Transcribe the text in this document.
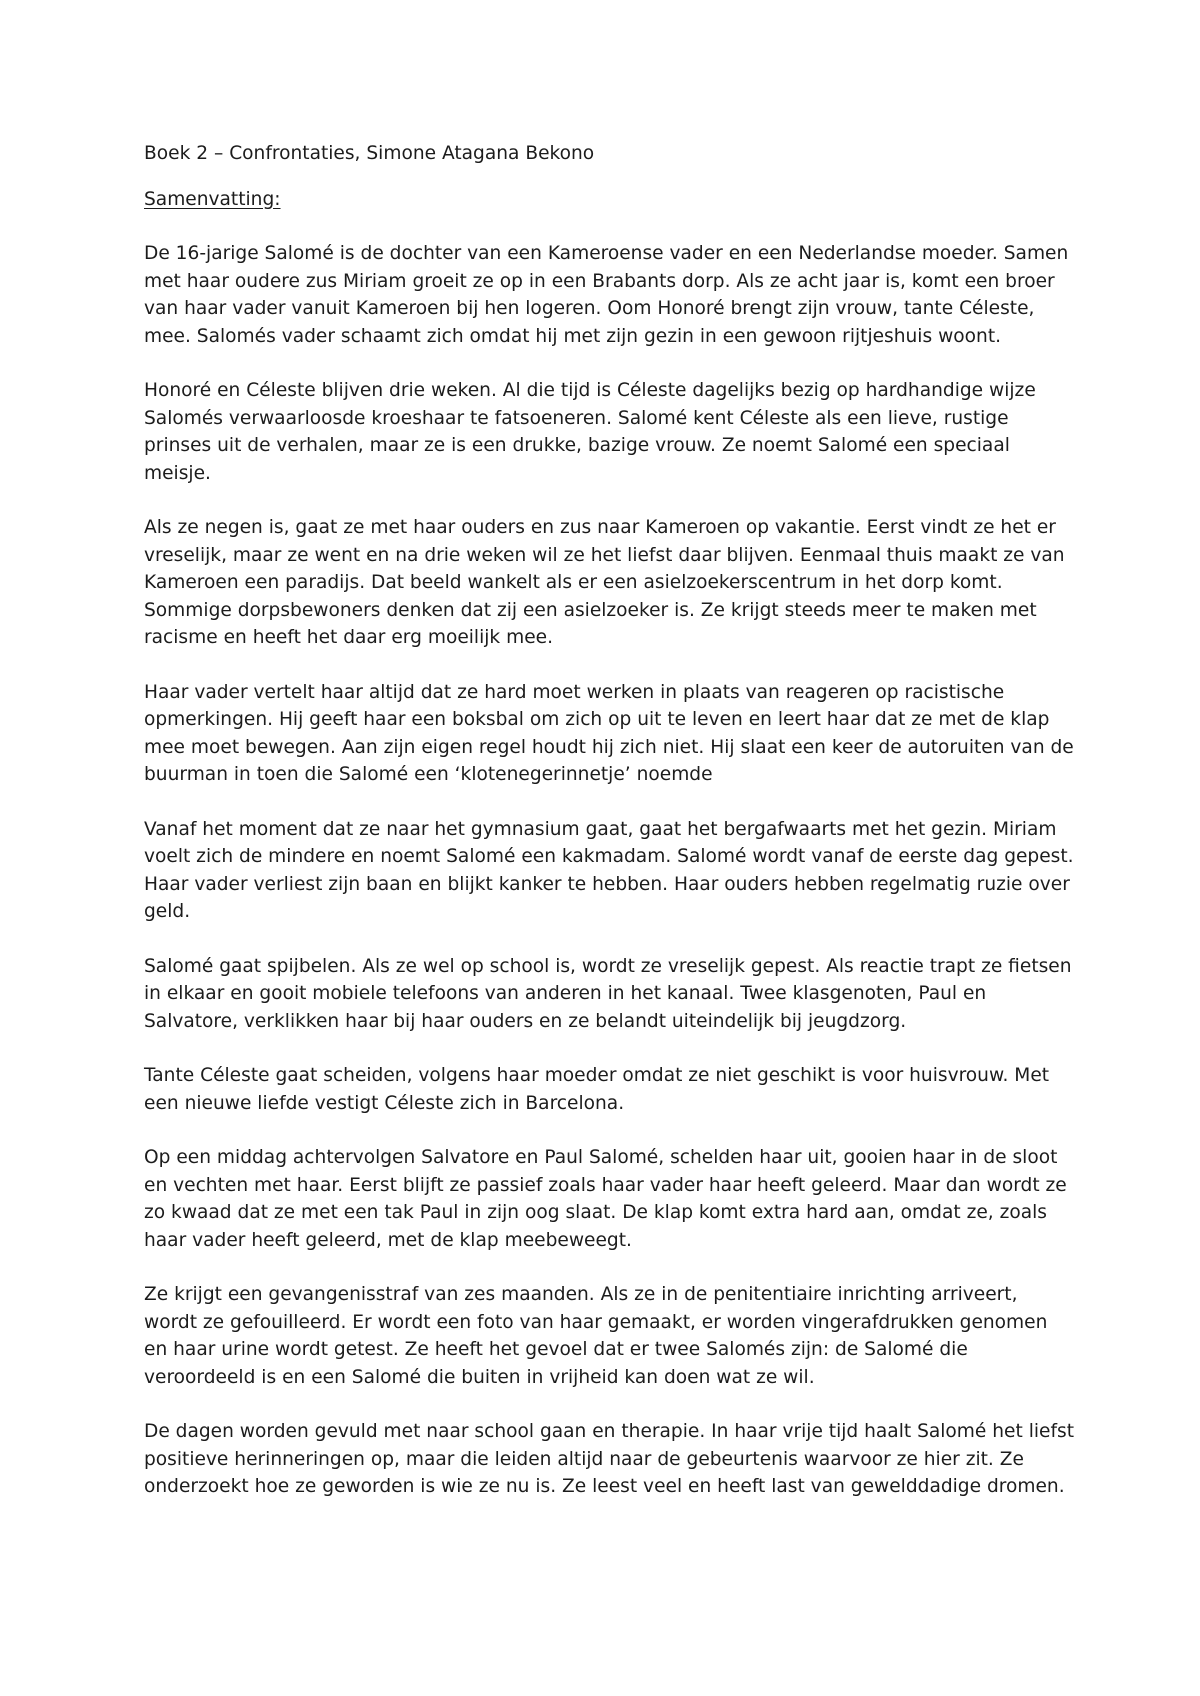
Boek 2 – Confrontaties, Simone Atagana Bekono

Samenvatting:

De 16-jarige Salomé is de dochter van een Kameroense vader en een Nederlandse moeder. Samen met haar oudere zus Miriam groeit ze op in een Brabants dorp. Als ze acht jaar is, komt een broer van haar vader vanuit Kameroen bij hen logeren. Oom Honoré brengt zijn vrouw, tante Céleste, mee. Salomés vader schaamt zich omdat hij met zijn gezin in een gewoon rijtjeshuis woont.

Honoré en Céleste blijven drie weken. Al die tijd is Céleste dagelijks bezig op hardhandige wijze Salomés verwaarloosde kroeshaar te fatsoeneren. Salomé kent Céleste als een lieve, rustige prinses uit de verhalen, maar ze is een drukke, bazige vrouw. Ze noemt Salomé een speciaal meisje.

Als ze negen is, gaat ze met haar ouders en zus naar Kameroen op vakantie. Eerst vindt ze het er vreselijk, maar ze went en na drie weken wil ze het liefst daar blijven. Eenmaal thuis maakt ze van Kameroen een paradijs. Dat beeld wankelt als er een asielzoekerscentrum in het dorp komt. Sommige dorpsbewoners denken dat zij een asielzoeker is. Ze krijgt steeds meer te maken met racisme en heeft het daar erg moeilijk mee.

Haar vader vertelt haar altijd dat ze hard moet werken in plaats van reageren op racistische opmerkingen. Hij geeft haar een boksbal om zich op uit te leven en leert haar dat ze met de klap mee moet bewegen. Aan zijn eigen regel houdt hij zich niet. Hij slaat een keer de autoruiten van de buurman in toen die Salomé een ‘klotenegerinnetje’ noemde

Vanaf het moment dat ze naar het gymnasium gaat, gaat het bergafwaarts met het gezin. Miriam voelt zich de mindere en noemt Salomé een kakmadam. Salomé wordt vanaf de eerste dag gepest. Haar vader verliest zijn baan en blijkt kanker te hebben. Haar ouders hebben regelmatig ruzie over geld.

Salomé gaat spijbelen. Als ze wel op school is, wordt ze vreselijk gepest. Als reactie trapt ze fietsen in elkaar en gooit mobiele telefoons van anderen in het kanaal. Twee klasgenoten, Paul en Salvatore, verklikken haar bij haar ouders en ze belandt uiteindelijk bij jeugdzorg.

Tante Céleste gaat scheiden, volgens haar moeder omdat ze niet geschikt is voor huisvrouw. Met een nieuwe liefde vestigt Céleste zich in Barcelona.

Op een middag achtervolgen Salvatore en Paul Salomé, schelden haar uit, gooien haar in de sloot en vechten met haar. Eerst blijft ze passief zoals haar vader haar heeft geleerd. Maar dan wordt ze zo kwaad dat ze met een tak Paul in zijn oog slaat. De klap komt extra hard aan, omdat ze, zoals haar vader heeft geleerd, met de klap meebeweegt.

Ze krijgt een gevangenisstraf van zes maanden. Als ze in de penitentiaire inrichting arriveert, wordt ze gefouilleerd. Er wordt een foto van haar gemaakt, er worden vingerafdrukken genomen en haar urine wordt getest. Ze heeft het gevoel dat er twee Salomés zijn: de Salomé die veroordeeld is en een Salomé die buiten in vrijheid kan doen wat ze wil.

De dagen worden gevuld met naar school gaan en therapie. In haar vrije tijd haalt Salomé het liefst positieve herinneringen op, maar die leiden altijd naar de gebeurtenis waarvoor ze hier zit. Ze onderzoekt hoe ze geworden is wie ze nu is. Ze leest veel en heeft last van gewelddadige dromen.
